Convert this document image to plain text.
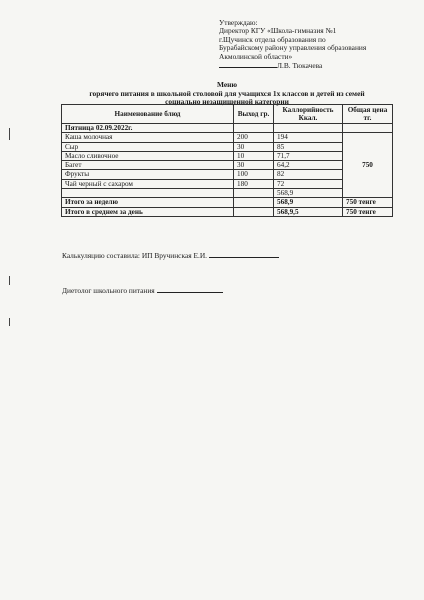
Утверждаю:
Директор КГУ «Школа-гимназия №1
г.Щучинск отдела образования по
Бурабайскому району управления образования
Акмолинской области»
Л.В. Тюкачева
Меню
горячего питания в школьной столовой для учащихся 1х классов и детей из семей
социально незащищенной категории
Наименование блюд	Выход гр.	Каллорийность Ккал.	Общая цена тг.
Пятница 02.09.2022г.			
Каша молочная	200	194	750
Сыр	30	85	
Масло сливочное	10	71,7	
Багет	30	64,2	
Фрукты	100	82	
Чай черный с сахаром	180	72	
		568,9	
Итого за неделю		568,9	750 тенге
Итого в среднем за день		568,9,5	750 тенге
Калькуляцию составила: ИП Вручинская Е.И.
Диетолог школьного питания
